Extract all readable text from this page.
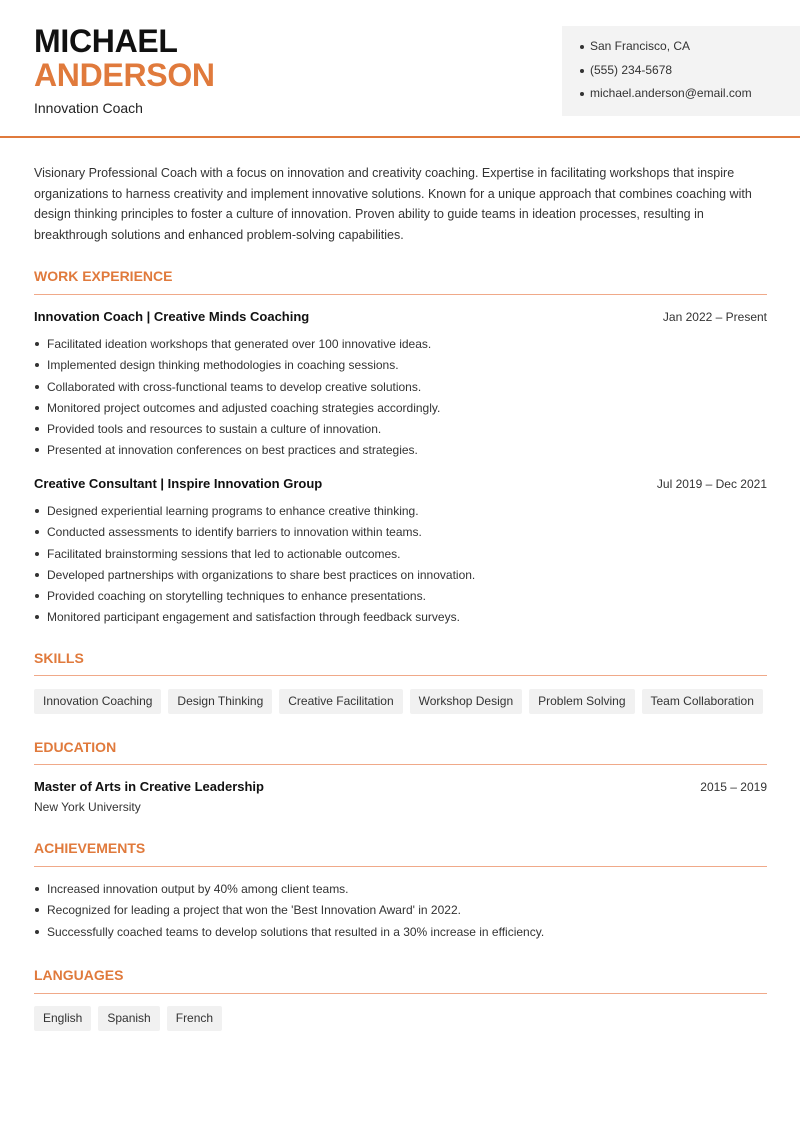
MICHAEL
ANDERSON
Innovation Coach
San Francisco, CA
(555) 234-5678
michael.anderson@email.com

Visionary Professional Coach with a focus on innovation and creativity coaching. Expertise in facilitating workshops that inspire organizations to harness creativity and implement innovative solutions. Known for a unique approach that combines coaching with design thinking principles to foster a culture of innovation. Proven ability to guide teams in ideation processes, resulting in breakthrough solutions and enhanced problem-solving capabilities.

WORK EXPERIENCE
Innovation Coach | Creative Minds Coaching	Jan 2022 – Present
Facilitated ideation workshops that generated over 100 innovative ideas.
Implemented design thinking methodologies in coaching sessions.
Collaborated with cross-functional teams to develop creative solutions.
Monitored project outcomes and adjusted coaching strategies accordingly.
Provided tools and resources to sustain a culture of innovation.
Presented at innovation conferences on best practices and strategies.
Creative Consultant | Inspire Innovation Group	Jul 2019 – Dec 2021
Designed experiential learning programs to enhance creative thinking.
Conducted assessments to identify barriers to innovation within teams.
Facilitated brainstorming sessions that led to actionable outcomes.
Developed partnerships with organizations to share best practices on innovation.
Provided coaching on storytelling techniques to enhance presentations.
Monitored participant engagement and satisfaction through feedback surveys.
SKILLS
Innovation Coaching	Design Thinking	Creative Facilitation	Workshop Design	Problem Solving	Team Collaboration
EDUCATION
Master of Arts in Creative Leadership	2015 – 2019
New York University
ACHIEVEMENTS
Increased innovation output by 40% among client teams.
Recognized for leading a project that won the 'Best Innovation Award' in 2022.
Successfully coached teams to develop solutions that resulted in a 30% increase in efficiency.
LANGUAGES
English	Spanish	French
